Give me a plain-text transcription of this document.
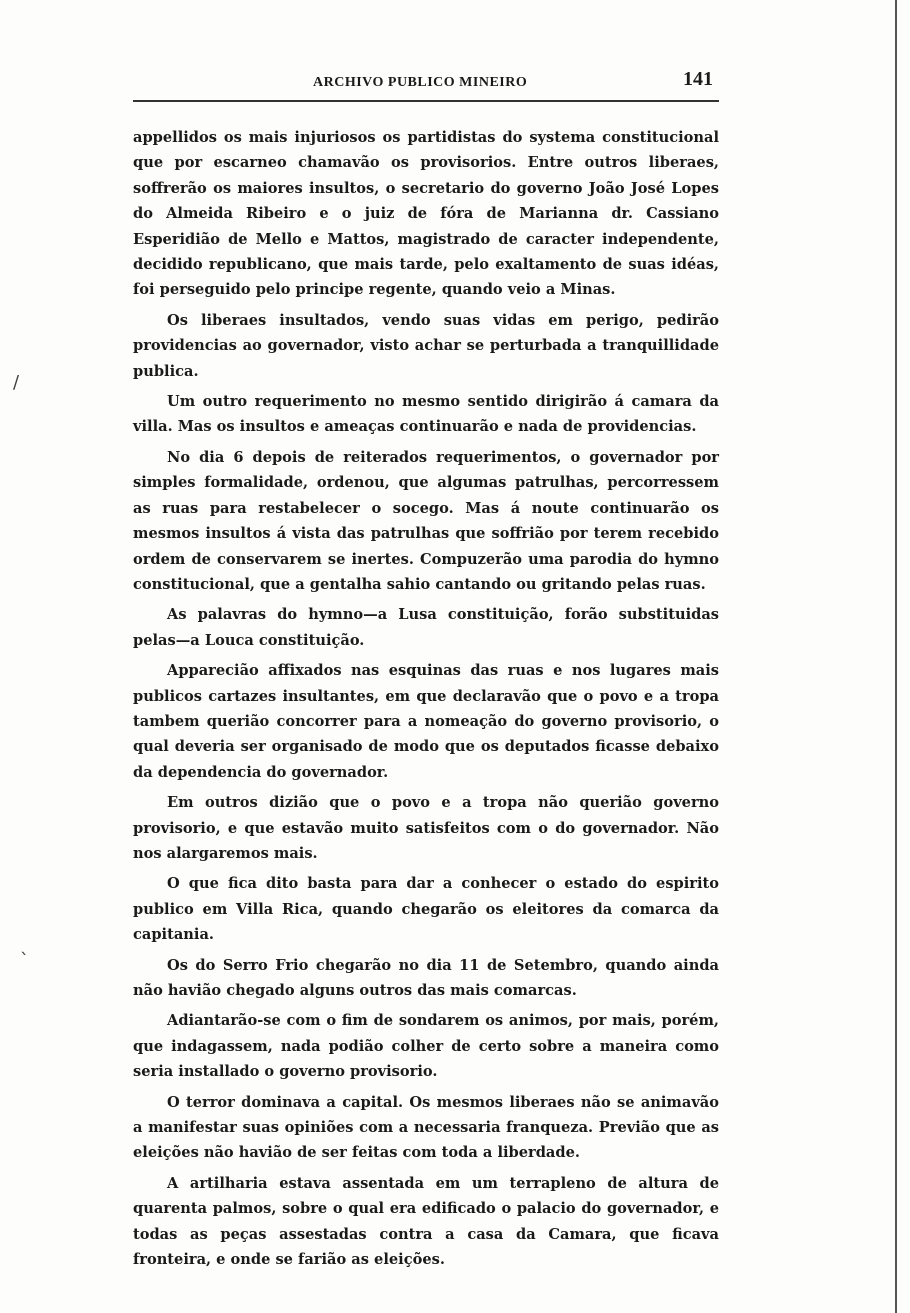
/
`
ARCHIVO PUBLICO MINEIRO	141

appellidos os mais injuriosos os partidistas do systema constitucional que por escarneo chamavão os provisorios. Entre outros liberaes, soffrerão os maiores insultos, o secretario do governo João José Lopes do Almeida Ribeiro e o juiz de fóra de Marianna dr. Cassiano Esperidião de Mello e Mattos, magistrado de caracter independente, decidido republicano, que mais tarde, pelo exaltamento de suas idéas, foi perseguido pelo principe regente, quando veio a Minas.

Os liberaes insultados, vendo suas vidas em perigo, pedirão providencias ao governador, visto achar se perturbada a tranquillidade publica.

Um outro requerimento no mesmo sentido dirigirão á camara da villa. Mas os insultos e ameaças continuarão e nada de providencias.

No dia 6 depois de reiterados requerimentos, o governador por simples formalidade, ordenou, que algumas patrulhas, percorressem as ruas para restabelecer o socego. Mas á noute continuarão os mesmos insultos á vista das patrulhas que soffrião por terem recebido ordem de conservarem se inertes. Compuzerão uma parodia do hymno constitucional, que a gentalha sahio cantando ou gritando pelas ruas.

As palavras do hymno—a Lusa constituição, forão substituidas pelas—a Louca constituição.

Apparecião affixados nas esquinas das ruas e nos lugares mais publicos cartazes insultantes, em que declaravão que o povo e a tropa tambem querião concorrer para a nomeação do governo provisorio, o qual deveria ser organisado de modo que os deputados ficasse debaixo da dependencia do governador.

Em outros dizião que o povo e a tropa não querião governo provisorio, e que estavão muito satisfeitos com o do governador. Não nos alargaremos mais.

O que fica dito basta para dar a conhecer o estado do espirito publico em Villa Rica, quando chegarão os eleitores da comarca da capitania.

Os do Serro Frio chegarão no dia 11 de Setembro, quando ainda não havião chegado alguns outros das mais comarcas.

Adiantarão-se com o fim de sondarem os animos, por mais, porém, que indagassem, nada podião colher de certo sobre a maneira como seria installado o governo provisorio.

O terror dominava a capital. Os mesmos liberaes não se animavão a manifestar suas opiniões com a necessaria franqueza. Previão que as eleições não havião de ser feitas com toda a liberdade.

A artilharia estava assentada em um terrapleno de altura de quarenta palmos, sobre o qual era edificado o palacio do governador, e todas as peças assestadas contra a casa da Camara, que ficava fronteira, e onde se farião as eleições.
